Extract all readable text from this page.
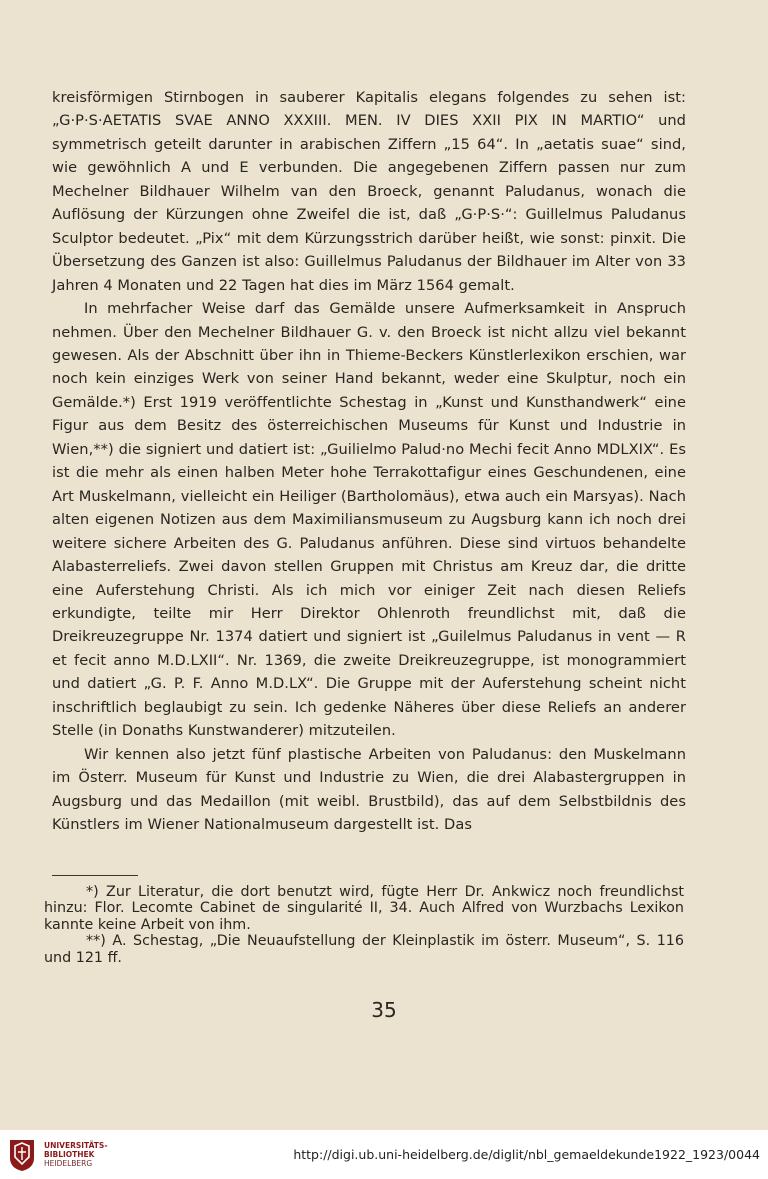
kreisförmigen Stirnbogen in sauberer Kapitalis elegans folgendes zu sehen ist: „G·P·S·AETATIS SVAE ANNO XXXIII. MEN. IV DIES XXII PIX IN MARTIO“ und symmetrisch geteilt darunter in arabischen Ziffern „15 64“. In „aetatis suae“ sind, wie gewöhnlich A und E verbunden. Die angegebenen Ziffern passen nur zum Mechelner Bildhauer Wilhelm van den Broeck, genannt Paludanus, wonach die Auflösung der Kürzungen ohne Zweifel die ist, daß „G·P·S·“: Guillelmus Paludanus Sculptor bedeutet. „Pix“ mit dem Kürzungsstrich darüber heißt, wie sonst: pinxit. Die Übersetzung des Ganzen ist also: Guillelmus Paludanus der Bildhauer im Alter von 33 Jahren 4 Monaten und 22 Tagen hat dies im März 1564 gemalt.

In mehrfacher Weise darf das Gemälde unsere Aufmerksamkeit in Anspruch nehmen. Über den Mechelner Bildhauer G. v. den Broeck ist nicht allzu viel bekannt gewesen. Als der Abschnitt über ihn in Thieme-Beckers Künstlerlexikon erschien, war noch kein einziges Werk von seiner Hand bekannt, weder eine Skulptur, noch ein Gemälde.*) Erst 1919 veröffentlichte Schestag in „Kunst und Kunsthandwerk“ eine Figur aus dem Besitz des österreichischen Museums für Kunst und Industrie in Wien,**) die signiert und datiert ist: „Guilielmo Palud·no Mechi fecit Anno MDLXIX“. Es ist die mehr als einen halben Meter hohe Terrakottafigur eines Geschundenen, eine Art Muskelmann, vielleicht ein Heiliger (Bartholomäus), etwa auch ein Marsyas). Nach alten eigenen Notizen aus dem Maximiliansmuseum zu Augsburg kann ich noch drei weitere sichere Arbeiten des G. Paludanus anführen. Diese sind virtuos behandelte Alabasterreliefs. Zwei davon stellen Gruppen mit Christus am Kreuz dar, die dritte eine Auferstehung Christi. Als ich mich vor einiger Zeit nach diesen Reliefs erkundigte, teilte mir Herr Direktor Ohlenroth freundlichst mit, daß die Dreikreuzegruppe Nr. 1374 datiert und signiert ist „Guilelmus Paludanus in vent — R et fecit anno M.D.LXII“. Nr. 1369, die zweite Dreikreuzegruppe, ist monogrammiert und datiert „G. P. F. Anno M.D.LX“. Die Gruppe mit der Auferstehung scheint nicht inschriftlich beglaubigt zu sein. Ich gedenke Näheres über diese Reliefs an anderer Stelle (in Donaths Kunstwanderer) mitzuteilen.

Wir kennen also jetzt fünf plastische Arbeiten von Paludanus: den Muskelmann im Österr. Museum für Kunst und Industrie zu Wien, die drei Alabastergruppen in Augsburg und das Medaillon (mit weibl. Brustbild), das auf dem Selbstbildnis des Künstlers im Wiener Nationalmuseum dargestellt ist. Das

*) Zur Literatur, die dort benutzt wird, fügte Herr Dr. Ankwicz noch freundlichst hinzu: Flor. Lecomte Cabinet de singularité II, 34. Auch Alfred von Wurzbachs Lexikon kannte keine Arbeit von ihm.

**) A. Schestag, „Die Neuaufstellung der Kleinplastik im österr. Museum“, S. 116 und 121 ff.

35
UNIVERSITÄTS-
BIBLIOTHEK
HEIDELBERG
http://digi.ub.uni-heidelberg.de/diglit/nbl_gemaeldekunde1922_1923/0044
